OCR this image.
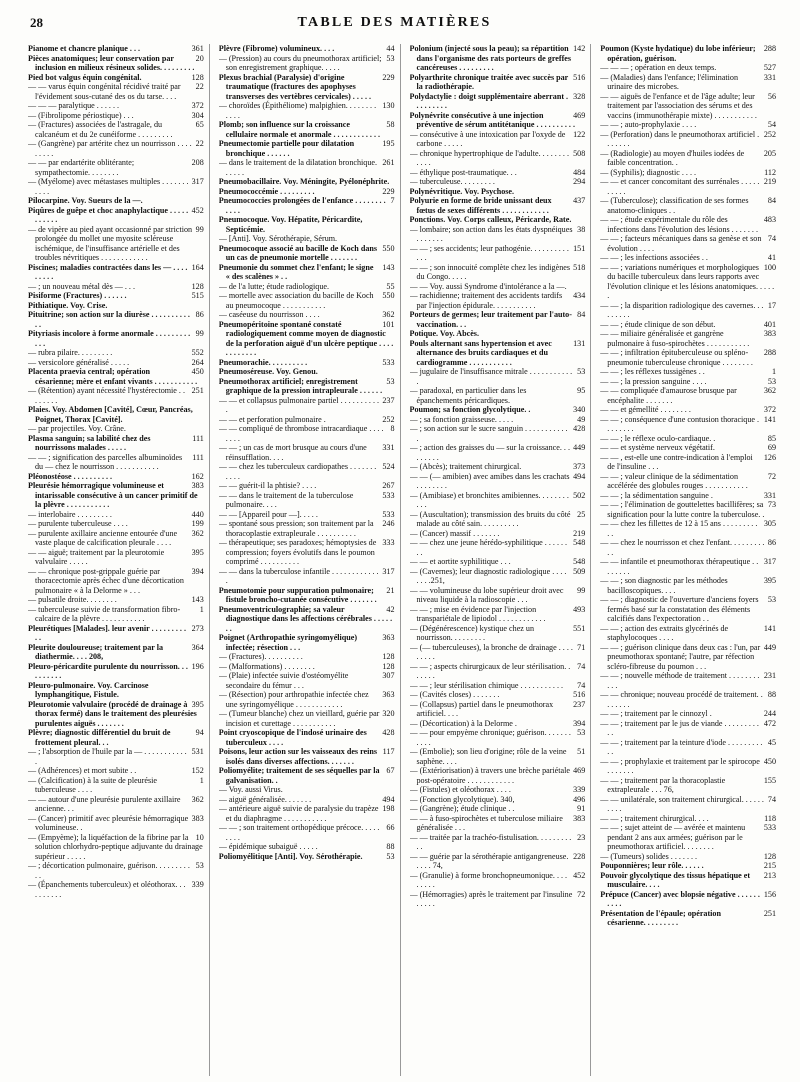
28	TABLE DES MATIÈRES
361
Pianome et chancre planique . . .
20
Pièces anatomiques; leur conservation par inclusion en milieux résineux solides. . . . . . . . .
128
Pied bot valgus équin congénital.
22
— — varus équin congénital récidivé traité par l'évidement sous-cutané des os du tarse. . . .
372
— — — paralytique . . . . . .
304
— (Fibrolipome périostique) . . .
65
— (Fractures) associées de l'astragale, du calcanéum et du 2e cunéiforme . . . . . . . . .
22
— (Gangrène) par artérite chez un nourrisson . . . . . . . . .
208
— — par endartérite oblitérante; sympathectomie. . . . . . . .
317
— (Myélome) avec métastases multiples . . . . . . . . . . .
Pilocarpine. Voy. Sueurs de la —.
452
Piqûres de guêpe et choc anaphylactique . . . . . . . . . . .
99
— de vipère au pied ayant occasionné par striction prolongée du mollet une myosite scléreuse ischémique, de l'insuffisance artérielle et des troubles névritiques . . . . . . . . . . . .
164
Piscines; maladies contractées dans les — . . . . . . . . .
128
— ; un nouveau métal dès — . . .
515
Pisiforme (Fractures) . . . . . .
Pithiatique. Voy. Crise.
86
Pituitrine; son action sur la diurèse . . . . . . . . . . . .
99
Pityriasis incolore à forme anormale . . . . . . . . . . . .
552
— rubra pilaire. . . . . . . . .
264
— versicolore généralisé . . . . .
450
Placenta praevia central; opération césarienne; mère et enfant vivants . . . . . . . . . . .
251
— (Rétention) ayant nécessité l'hystérectomie . . . . . . . .
Plaies. Voy. Abdomen [Cavité], Cœur, Pancréas, Poignet, Thorax [Cavité].
— par projectiles. Voy. Crâne.
111
Plasma sanguin; sa labilité chez des nourrissons malades . . . . .
111
— — ; signification des parcelles albuminoïdes du — chez le nourrisson . . . . . . . . . . .
162
Pléonostéose . . . . . . . . . .
383
Pleurésie hémorragique volumineuse et intarissable consécutive à un cancer primitif de la plèvre . . . . . . . . . . .
440
— interlobaire . . . . . . . . .
199
— purulente tuberculeuse . . . .
362
— purulente axillaire ancienne entourée d'une vaste plaque de calcification pleurale . . . .
395
— — aiguë; traitement par la pleurotomie valvulaire . . . . .
394
— — chronique post-grippale guérie par thoracectomie après échec d'une décortication pulmonaire « à la Delorme » . . .
143
— pulsatile droite. . . . . . . .
1
— tuberculeuse suivie de transformation fibro-calcaire de la plèvre . . . . . . . . . . .
273
Pleurétiques [Malades]. leur avenir . . . . . . . . . . .
364
Pleurite douloureuse; traitement par la diathermie. . . . 208,
196
Pleuro-péricardite purulente du nourrisson. . . . . . . . . .
Pleuro-pulmonaire. Voy. Carcinose lymphangitique, Fistule.
395
Pleurotomie valvulaire (procédé de drainage à thorax fermé) dans le traitement des pleurésies purulentes aiguës . . . . . . .
94
Plèvre; diagnostic différentiel du bruit de frottement pleural. . .
531
— ; l'absorption de l'huile par la — . . . . . . . . . . . .
152
— (Adhérences) et mort subite . .
1
— (Calcification) à la suite de pleurésie tuberculeuse . . . .
362
— — autour d'une pleurésie purulente axillaire ancienne. . .
383
— (Cancer) primitif avec pleurésie hémorragique volumineuse. .
10
— (Empyème); la liquéfaction de la fibrine par la solution chlorhydro-peptique adjuvante du drainage supérieur . . . . .
53
— ; décortication pulmonaire, guérison. . . . . . . . . . .
339
— (Épanchements tuberculeux) et oléothorax. . . . . . . . . .
44
Plèvre (Fibrome) volumineux. . . .
53
— (Pression) au cours du pneumothorax artificiel; son enregistrement graphique. . . . .
229
Plexus brachial (Paralysie) d'origine traumatique (fractures des apophyses transverses des vertèbres cervicales) . . . . .
130
— choroïdes (Épithéliome) malpighien. . . . . . . . . . . .
58
Plomb; son influence sur la croissance cellulaire normale et anormale . . . . . . . . . . . .
195
Pneumectomie partielle pour dilatation bronchique . . . . . .
261
— dans le traitement de la dilatation bronchique. . . . . .
Pneumobacillaire. Voy. Méningite, Pyélonéphrite.
229
Pneumococcémie . . . . . . . . .
7
Pneumococcies prolongées de l'enfance . . . . . . . . . . . .
Pneumocoque. Voy. Hépatite, Péricardite, Septicémie.
— [Anti]. Voy. Sérothérapie, Sérum.
550
Pneumocoque associé au bacille de Koch dans un cas de pneumonie mortelle . . . . . . .
143
Pneumonie du sommet chez l'enfant; le signe « des scalènes » . .
55
— de l'a lutte; étude radiologique.
550
— mortelle avec association du bacille de Koch au pneumocoque . . . . . . . . . . .
362
— caséeuse du nourrisson . . . .
101
Pneumopéritoine spontané constaté radiologiquement comme moyen de diagnostic de la perforation aiguë d'un ulcère peptique . . . . . . . . . . . .
533
Pneumorachie. . . . . . . . . .
Pneumoséreuse. Voy. Genou.
53
Pneumothorax artificiel; enregistrement graphique de la pression intrapleurale . . . . . .
237
— — et collapsus pulmonaire partiel . . . . . . . . . . .
252
— — et perforation pulmonaire .
8
— — compliqué de thrombose intracardiaque . . . . . . . .
331
— — ; un cas de mort brusque au cours d'une réinsufflation. . . .
524
— — chez les tuberculeux cardiopathes . . . . . . . . . . .
267
— — guérit-il la phtisie? . . . .
533
— — dans le traitement de la tuberculose pulmonaire. . . .
533
— — [Appareil pour —]. . . . .
246
— spontané sous pression; son traitement par la thoracoplastie extrapleurale . . . . . . . . . .
333
— thérapeutique; ses paradoxes; hémoptysies de compression; foyers évolutifs dans le poumon comprimé . . . . . . . . . .
317
— — dans la tuberculose infantile . . . . . . . . . . . . .
21
Pneumotomie pour suppuration pulmonaire; fistule broncho-cutanée consécutive . . . . . . .
42
Pneumoventriculographie; sa valeur diagnostique dans les affections cérébrales . . . . . . .
363
Poignet (Arthropathie syringomyélique) infectée; résection . . .
128
— (Fractures). . . . . . . . . .
128
— (Malformations) . . . . . . . .
307
— (Plaie) infectée suivie d'ostéomyélite secondaire du fémur . . .
363
— (Résection) pour arthropathie infectée chez une syringomyélique . . . . . . . . . . . .
320
— (Tumeur blanche) chez un vieillard, guérie par incision et curettage . . . . . . . . . . .
428
Point cryoscopique de l'indosé urinaire des tuberculeux . . . .
117
Poisons, leur action sur les vaisseaux des reins isolés dans diverses affections. . . . . . .
67
Poliomyélite; traitement de ses séquelles par la galvanisation. .
— Voy. aussi Virus.
494
— aiguë généralisée. . . . . . .
198
— antérieure aiguë suivie de paralysie du trapèze et du diaphragme . . . . . . . . . . .
66
— — ; son traitement orthopédique précoce. . . . . . . . .
88
— épidémique subaiguë . . . . .
53
Poliomyélitique [Anti]. Voy. Sérothérapie.
142
Polonium (injecté sous la peau); sa répartition dans l'organisme des rats porteurs de greffes cancéreuses . . . . . . . . .
516
Polyarthrite chronique traitée avec succès par la radiothérapie.
328
Polydactylie : doigt supplémentaire aberrant . . . . . . . . .
469
Polynévrite consécutive à une injection préventive de sérum antitétanique . . . . . . . . . .
122
— consécutive à une intoxication par l'oxyde de carbone . . . . .
508
— chronique hypertrophique de l'adulte. . . . . . . . . . . .
484
— éthylique post-traumatique. . .
294
— tuberculeuse. . . . . . . . .
Polynévritique. Voy. Psychose.
437
Polyurie en forme de bride unissant deux fœtus de sexes différents . . . . . . . . . . . .
Ponctions. Voy. Corps calleux, Péricarde, Rate.
38
— lombaire; son action dans les états dyspnéiques . . . . . . .
151
— — ; ses accidents; leur pathogénie. . . . . . . . . . . . .
518
— — ; son innocuité complète chez les indigènes du Congo. . . . .
— — Voy. aussi Syndrome d'intolérance a la —.
434
— rachidienne; traitement des accidents tardifs par l'injection épidurale. . . . . . . . . . .
84
Porteurs de germes; leur traitement par l'auto-vaccination. . .
Potique. Voy. Abcès.
131
Pouls alternant sans hypertension et avec alternance des bruits cardiaques et du cardiogramme . . . . . . . . . . .
53
— jugulaire de l'insuffisance mitrale . . . . . . . . . . . .
95
— paradoxal, en particulier dans les épanchements péricardiques.
340
Poumon; sa fonction glycolytique. .
49
— ; sa fonction graisseuse. . . . .
428
— ; son action sur le sucre sanguin . . . . . . . . . . . .
449
— ; action des graisses du — sur la croissance. . . . . . . . .
373
— (Abcès); traitement chirurgical.
494
— — (— amibien) avec amibes dans les crachats . . . . . . . .
502
— (Amibiase) et bronchites amibiennes. . . . . . . . . . .
25
— (Auscultation); transmission des bruits du côté malade au côté sain. . . . . . . . . .
219
— (Cancer) massif . . . . . . .
548
— — chez une jeune hérédo-syphilitique . . . . . . . .
548
— — et aortite syphilitique . . .
509
— (Cavernes); leur diagnostic radiologique . . . . . . . .251,
99
— — volumineuse du lobe supérieur droit avec niveau liquide à la radioscopie . . .
493
— — ; mise en évidence par l'injection transpariétale de lipiodol . . . . . . . . . . . .
551
— (Dégénérescence) kystique chez un nourrisson. . . . . . . . .
71
— (— tuberculeuses), la bronche de drainage . . . . . . . . .
74
— — ; aspects chirurgicaux de leur stérilisation. . . . . . .
74
— — ; leur stérilisation chimique . . . . . . . . . . .
516
— (Cavités closes) . . . . . . .
237
— (Collapsus) partiel dans le pneumothorax artificiel. . . .
394
— (Décortication) à la Delorme .
53
— — pour empyème chronique; guérison. . . . . . . . . . .
51
— (Embolie); son lieu d'origine; rôle de la veine saphène. . . .
469
— (Extériorisation) à travers une brèche pariétale post-opératoire . . . . . . . . . . . .
339
— (Fistules) et oléothorax . . . .
496
— (Fonction glycolytique). 340,
91
— (Gangrène); étude clinique . .
383
— — à fuso-spirochètes et tuberculose miliaire généralisée . . .
23
— — traitée par la trachéo-fistulisation. . . . . . . . . . .
228
— — guérie par la sérothérapie antigangreneuse. . . . . 74,
452
— (Granulie) à forme bronchopneumonique. . . . . . . . .
72
— (Hémorragies) après le traitement par l'insuline . . . . .
288
Poumon (Kyste hydatique) du lobe inférieur; opération, guérison.
527
— — — ; opération en deux temps.
331
— (Maladies) dans l'enfance; l'élimination urinaire des microbes.
56
— — aiguës de l'enfance et de l'âge adulte; leur traitement par l'association des sérums et des vaccins (immunothérapie mixte) . . . . . . . . . . .
54
— — ; auto-prophylaxie . . . .
252
— (Perforation) dans le pneumothorax artificiel . . . . . . .
205
— (Radiologie) au moyen d'huiles iodées de faible concentration. .
112
— (Syphilis); diagnostic . . . .
219
— — et cancer concomitant des surrénales . . . . . . . . . .
84
— (Tuberculose); classification de ses formes anatomo-cliniques . .
483
— — ; étude expérimentale du rôle des infections dans l'évolution des lésions . . . . . . .
74
— — ; facteurs mécaniques dans sa genèse et son évolution . . . .
41
— — ; les infections associées . .
100
— — ; variations numériques et morphologiques du bacille tuberculeux dans leurs rapports avec l'évolution clinique et les lésions anatomiques. . . . . .
17
— — ; la disparition radiologique des cavernes. . . . . . . . .
401
— — ; étude clinique de son début.
383
— — miliaire généralisée et gangrène pulmonaire à fuso-spirochètes . . . . . . . . . . .
288
— — ; infiltration épituberculeuse ou spléno-pneumonie tuberculeuse chronique . . . . . . . .
1
— — ; les réflexes tussigènes . .
53
— — ; la pression sanguine . . . .
362
— — compliquée d'amaurose brusque par encéphalite . . . . . . .
372
— — et gémellité . . . . . . . .
141
— — ; conséquence d'une contusion thoracique . . . . . . . .
85
— — ; le réflexe oculo-cardiaque. .
69
— — et système nerveux végétatif.
126
— — , est-elle une contre-indication à l'emploi de l'insuline . . .
72
— — ; valeur clinique de la sédimentation accélérée des globules rouges . . . . . . . . . . .
331
— — ; la sédimentation sanguine .
73
— — ; l'élimination de gouttelettes bacillifères; sa signification pour la lutte contre la tuberculose. .
305
— — chez les fillettes de 12 à 15 ans . . . . . . . . . . .
86
— — chez le nourrisson et chez l'enfant. . . . . . . . . . .
317
— — infantile et pneumothorax thérapeutique . . . . . . . .
395
— — ; son diagnostic par les méthodes bacilloscopiques. . . .
53
— — ; diagnostic de l'ouverture d'anciens foyers fermés basé sur la constatation des éléments calcifiés dans l'expectoration . .
141
— — ; action des extraits glycérinés de staphylocoques . . . .
449
— — ; guérison clinique dans deux cas : l'un, par pneumothorax spontané; l'autre, par réfection scléro-fibreuse du poumon . . .
231
— — ; nouvelle méthode de traitement . . . . . . . . . . .
88
— — chronique; nouveau procédé de traitement. . . . . . . .
244
— — ; traitement par le cinnozyl .
472
— — ; traitement par le jus de viande . . . . . . . . . . .
45
— — ; traitement par la teinture d'iode . . . . . . . . . . .
450
— — ; prophylaxie et traitement par le spirocope . . . . . . .
155
— — ; traitement par la thoracoplastie extrapleurale . . . 76,
74
— — unilatérale, son traitement chirurgical. . . . . . . . . .
118
— — ; traitement chirurgical. . . .
533
— — ; sujet atteint de — avérée et maintenu pendant 2 ans aux armées; guérison par le pneumothorax artificiel. . . . . . . .
128
— (Tumeurs) solides . . . . . . .
215
Pouponnières; leur rôle. . . . . .
213
Pouvoir glycolytique des tissus hépatique et musculaire. . . .
156
Prépuce (Cancer) avec blopsie négative . . . . . . . . . .
251
Présentation de l'épaule; opération césarienne. . . . . . . . .
